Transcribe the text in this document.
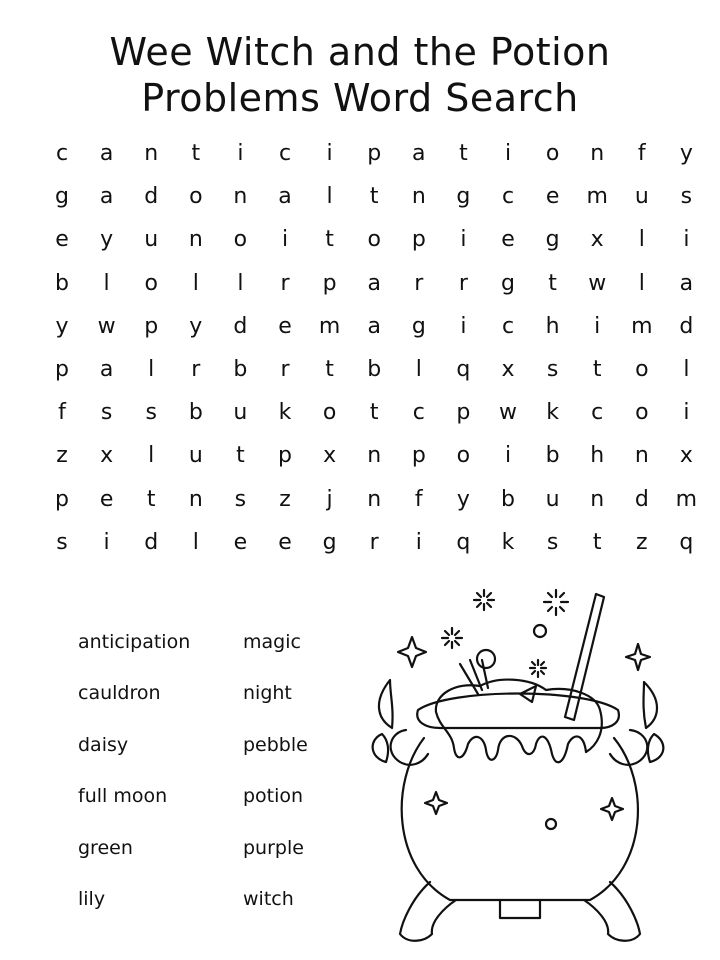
Wee Witch and the Potion
Problems Word Search
c	a	n	t	i	c	i	p	a	t	i	o	n	f	y
g	a	d	o	n	a	l	t	n	g	c	e	m	u	s
e	y	u	n	o	i	t	o	p	i	e	g	x	l	i
b	l	o	l	l	r	p	a	r	r	g	t	w	l	a
y	w	p	y	d	e	m	a	g	i	c	h	i	m	d
p	a	l	r	b	r	t	b	l	q	x	s	t	o	l
f	s	s	b	u	k	o	t	c	p	w	k	c	o	i
z	x	l	u	t	p	x	n	p	o	i	b	h	n	x
p	e	t	n	s	z	j	n	f	y	b	u	n	d	m
s	i	d	l	e	e	g	r	i	q	k	s	t	z	q
anticipation
cauldron
daisy
full moon
green
lily
magic
night
pebble
potion
purple
witch
